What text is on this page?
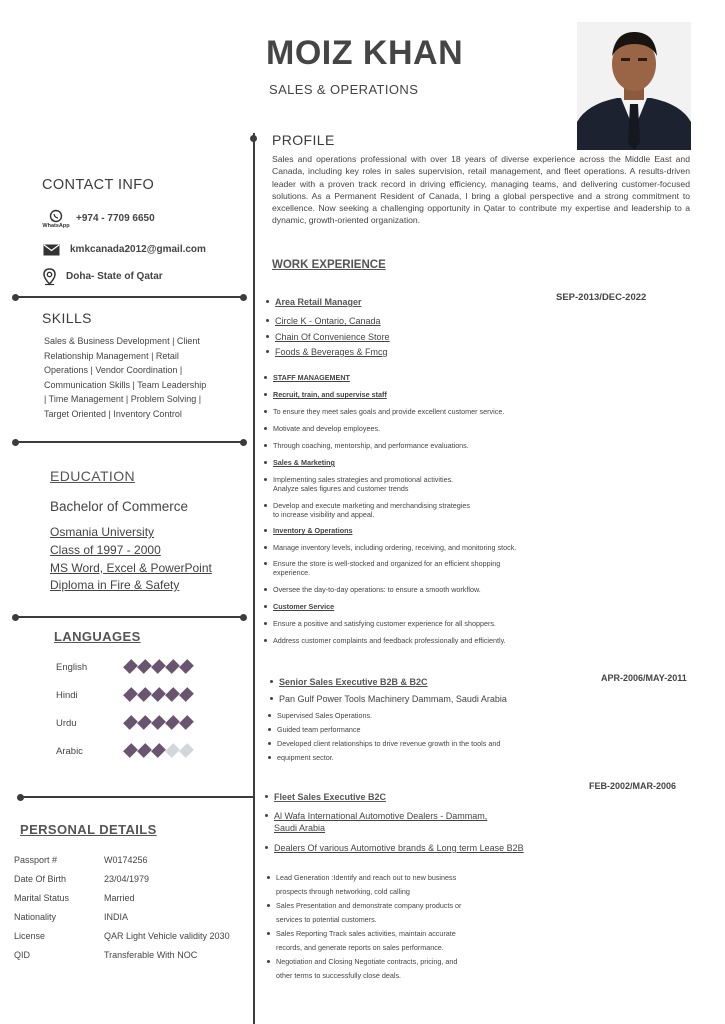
MOIZ KHAN
SALES & OPERATIONS
CONTACT INFO
WhatsApp
+974 - 7709 6650
kmkcanada2012@gmail.com
Doha- State of Qatar
SKILLS
Sales & Business Development | Client
Relationship Management | Retail
Operations | Vendor Coordination |
Communication Skills | Team Leadership
| Time Management | Problem Solving |
Target Oriented | Inventory Control
EDUCATION
Bachelor of Commerce
Osmania University
Class of 1997 - 2000
MS Word, Excel & PowerPoint
Diploma in Fire & Safety
LANGUAGES
English
Hindi
Urdu
Arabic
PERSONAL DETAILS
Passport #	W0174256
Date Of Birth	23/04/1979
Marital Status	Married
Nationality	INDIA
License	QAR Light Vehicle validity 2030
QID	Transferable With NOC
PROFILE
Sales and operations professional with over 18 years of diverse experience across the Middle East and Canada, including key roles in sales supervision, retail management, and fleet operations. A results-driven leader with a proven track record in driving efficiency, managing teams, and delivering customer-focused solutions. As a Permanent Resident of Canada, I bring a global perspective and a strong commitment to excellence. Now seeking a challenging opportunity in Qatar to contribute my expertise and leadership to a dynamic, growth-oriented organization.
WORK EXPERIENCE
Area Retail Manager	SEP-2013/DEC-2022
Circle K - Ontario, Canada
Chain Of Convenience Store
Foods & Beverages & Fmcg
STAFF MANAGEMENT
Recruit, train, and supervise staff
To ensure they meet sales goals and provide excellent customer service.
Motivate and develop employees.
Through coaching, mentorship, and performance evaluations.
Sales & Marketing
Implementing sales strategies and promotional activities.
Analyze sales figures and customer trends
Develop and execute marketing and merchandising strategies
to increase visibility and appeal.
Inventory & Operations
Manage inventory levels, including ordering, receiving, and monitoring stock.
Ensure the store is well-stocked and organized for an efficient shopping
experience.
Oversee the day-to-day operations: to ensure a smooth workflow.
Customer Service
Ensure a positive and satisfying customer experience for all shoppers.
Address customer complaints and feedback professionally and efficiently.
Senior Sales Executive B2B & B2C	APR-2006/MAY-2011
Pan Gulf Power Tools Machinery Dammam, Saudi Arabia
Supervised Sales Operations.
Guided team performance
Developed client relationships to drive revenue growth in the tools and
equipment sector.
FEB-2002/MAR-2006
Fleet Sales Executive B2C
Al Wafa International Automotive Dealers - Dammam,
Saudi Arabia
Dealers Of various Automotive brands & Long term Lease B2B
Lead Generation :Identify and reach out to new business
prospects through networking, cold calling
Sales Presentation and demonstrate company products or
services to potential customers.
Sales Reporting Track sales activities, maintain accurate
records, and generate reports on sales performance.
Negotiation and Closing Negotiate contracts, pricing, and
other terms to successfully close deals.
